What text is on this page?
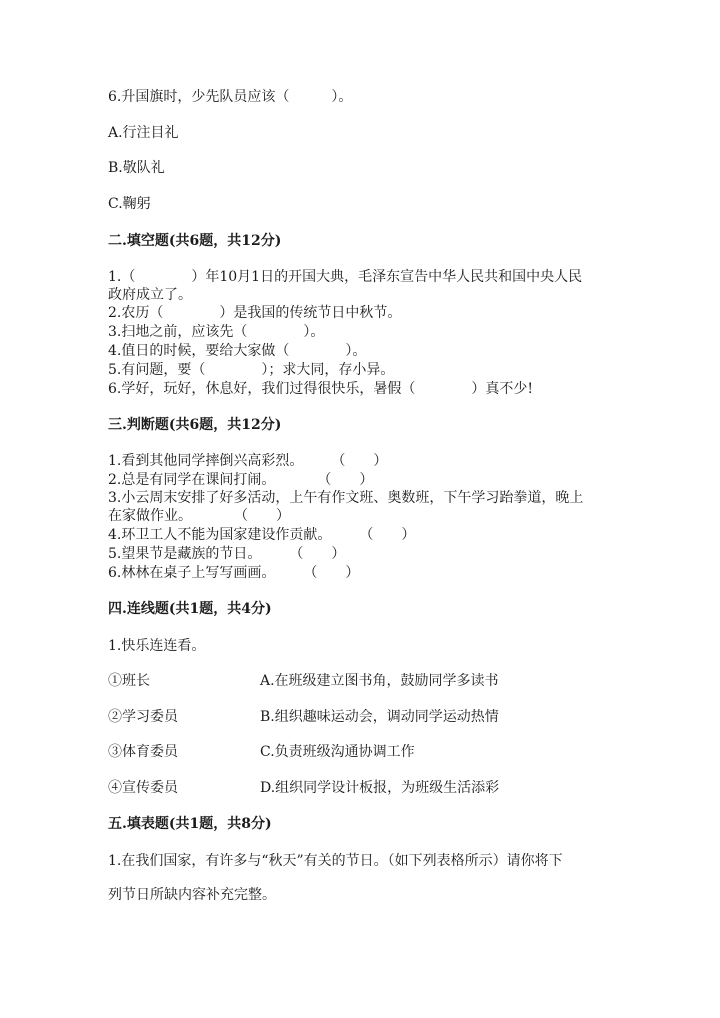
6.升国旗时，少先队员应该（　　　）。
A.行注目礼
B.敬队礼
C.鞠躬
二.填空题(共6题，共12分)
1.（　　　　）年10月1日的开国大典，毛泽东宣告中华人民共和国中央人民
政府成立了。
2.农历（　　　　）是我国的传统节日中秋节。
3.扫地之前，应该先（　　　　）。
4.值日的时候，要给大家做（　　　　）。
5.有问题，要（　　　　）；求大同，存小异。
6.学好，玩好，休息好，我们过得很快乐，暑假（　　　　）真不少!
三.判断题(共6题，共12分)
1.看到其他同学摔倒兴高彩烈。　　　（　　）
2.总是有同学在课间打闹。　　　　（　　）
3.小云周末安排了好多活动，上午有作文班、奥数班，下午学习跆拳道，晚上
在家做作业。　　　　（　　）
4.环卫工人不能为国家建设作贡献。　　　（　　）
5.望果节是藏族的节日。　　　（　　）
6.林林在桌子上写写画画。　　　（　　）
四.连线题(共1题，共4分)
1.快乐连连看。
①班长	A.在班级建立图书角，鼓励同学多读书
②学习委员	B.组织趣味运动会，调动同学运动热情
③体育委员	C.负责班级沟通协调工作
④宣传委员	D.组织同学设计板报，为班级生活添彩
五.填表题(共1题，共8分)
1.在我们国家，有许多与“秋天”有关的节日。（如下列表格所示）请你将下
列节日所缺内容补充完整。
